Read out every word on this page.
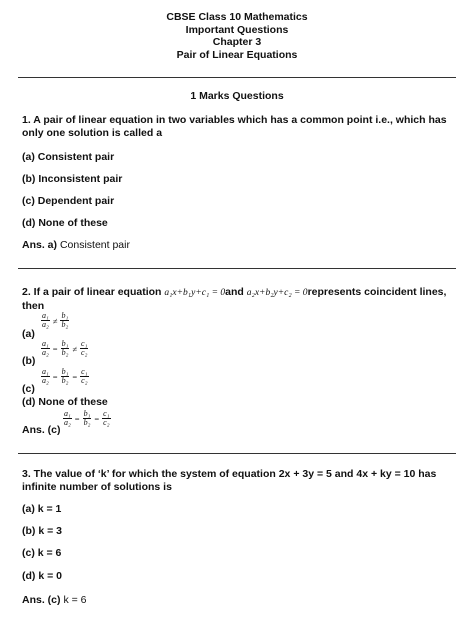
CBSE Class 10 Mathematics
Important Questions
Chapter 3
Pair of Linear Equations
1 Marks Questions
1. A pair of linear equation in two variables which has a common point i.e., which has only one solution is called a
(a) Consistent pair
(b) Inconsistent pair
(c) Dependent pair
(d) None of these
Ans. a) Consistent pair
2. If a pair of linear equation a₁x+b₁y+c₁ = 0and a₂x+b₂y+c₂ = 0represents coincident lines, then
(a)
$\frac{\text{a₁}}{\text{a₂}} \ne \frac{\text{b₁}}{\text{b₂}}$
(b)
$\frac{\text{a₁}}{\text{a₂}} = \frac{\text{b₁}}{\text{b₂}} \ne \frac{\text{c₁}}{\text{c₂}}$
(c)
$\frac{\text{a₁}}{\text{a₂}} = \frac{\text{b₁}}{\text{b₂}} = \frac{\text{c₁}}{\text{c₂}}$
(d) None of these
Ans. (c)
$\frac{\text{a₁}}{\text{a₂}} = \frac{\text{b₁}}{\text{b₂}} = \frac{\text{c₁}}{\text{c₂}}$
3. The value of ‘k’ for which the system of equation 2x + 3y = 5 and 4x + ky = 10 has infinite number of solutions is
(a) k = 1
(b) k = 3
(c) k = 6
(d) k = 0
Ans. (c) k = 6
